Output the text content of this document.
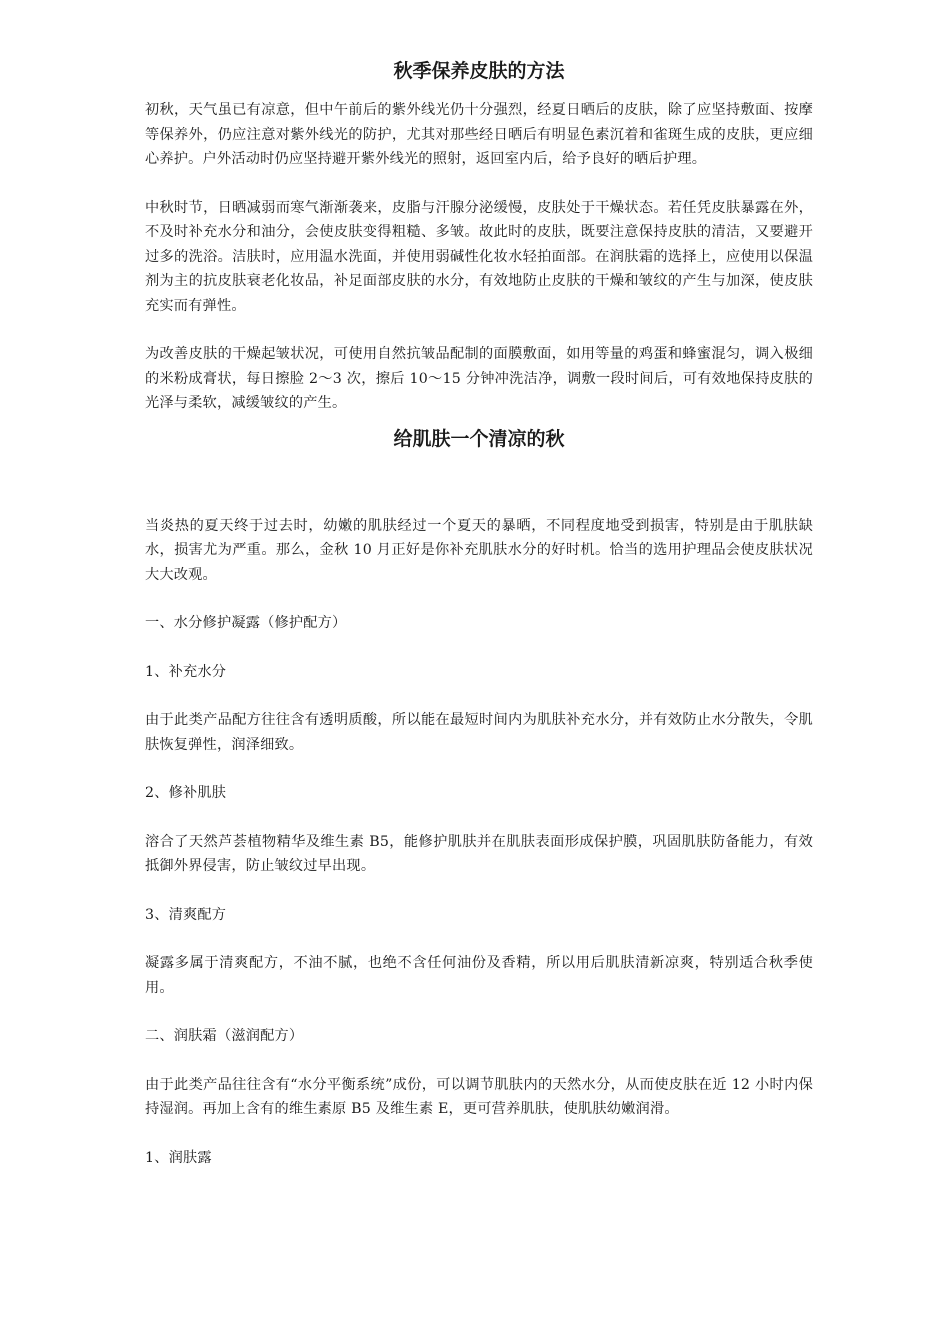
秋季保养皮肤的方法

初秋，天气虽已有凉意，但中午前后的紫外线光仍十分强烈，经夏日晒后的皮肤，除了应坚持敷面、按摩等保养外，仍应注意对紫外线光的防护，尤其对那些经日晒后有明显色素沉着和雀斑生成的皮肤，更应细心养护。户外活动时仍应坚持避开紫外线光的照射，返回室内后，给予良好的晒后护理。

中秋时节，日晒减弱而寒气渐渐袭来，皮脂与汗腺分泌缓慢，皮肤处于干燥状态。若任凭皮肤暴露在外，不及时补充水分和油分，会使皮肤变得粗糙、多皱。故此时的皮肤，既要注意保持皮肤的清洁，又要避开过多的洗浴。洁肤时，应用温水洗面，并使用弱碱性化妆水轻拍面部。在润肤霜的选择上，应使用以保温剂为主的抗皮肤衰老化妆品，补足面部皮肤的水分，有效地防止皮肤的干燥和皱纹的产生与加深，使皮肤充实而有弹性。

为改善皮肤的干燥起皱状况，可使用自然抗皱品配制的面膜敷面，如用等量的鸡蛋和蜂蜜混匀，调入极细的米粉成膏状，每日擦脸 2～3 次，擦后 10～15 分钟冲洗洁净，调敷一段时间后，可有效地保持皮肤的光泽与柔软，减缓皱纹的产生。

给肌肤一个清凉的秋

当炎热的夏天终于过去时，幼嫩的肌肤经过一个夏天的暴晒，不同程度地受到损害，特别是由于肌肤缺水，损害尤为严重。那么，金秋 10 月正好是你补充肌肤水分的好时机。恰当的选用护理品会使皮肤状况大大改观。

一、水分修护凝露（修护配方）

1、补充水分

由于此类产品配方往往含有透明质酸，所以能在最短时间内为肌肤补充水分，并有效防止水分散失，令肌肤恢复弹性，润泽细致。

2、修补肌肤

溶合了天然芦荟植物精华及维生素 B5，能修护肌肤并在肌肤表面形成保护膜，巩固肌肤防备能力，有效抵御外界侵害，防止皱纹过早出现。

3、清爽配方

凝露多属于清爽配方，不油不腻，也绝不含任何油份及香精，所以用后肌肤清新凉爽，特别适合秋季使用。

二、润肤霜（滋润配方）

由于此类产品往往含有“水分平衡系统”成份，可以调节肌肤内的天然水分，从而使皮肤在近 12 小时内保持湿润。再加上含有的维生素原 B5 及维生素 E，更可营养肌肤，使肌肤幼嫩润滑。

1、润肤露
